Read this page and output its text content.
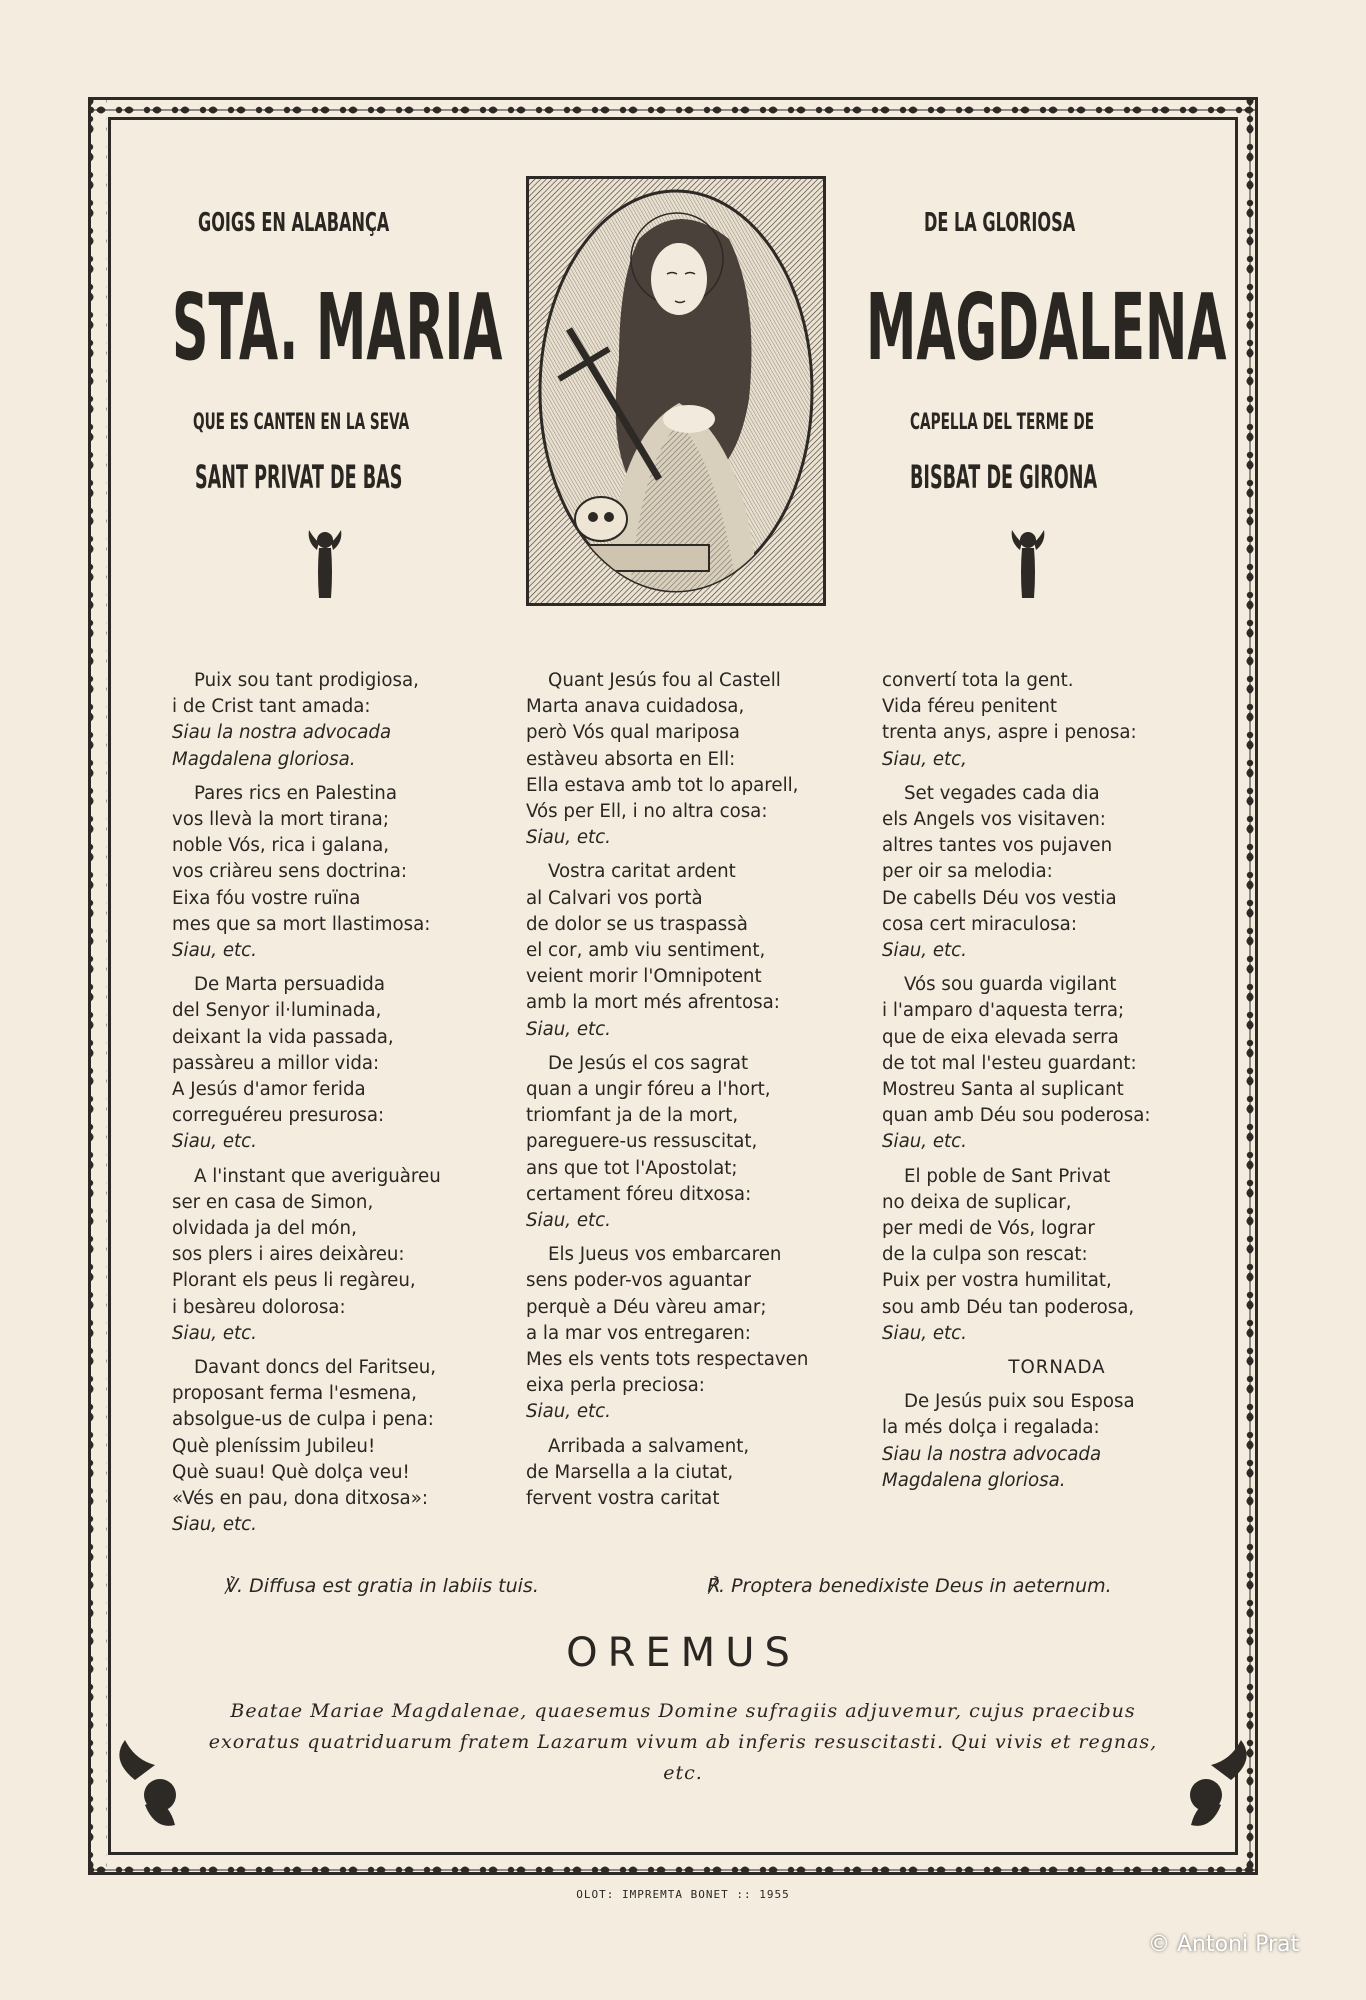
GOIGS EN ALABANÇA
STA. MARIA
QUE ES CANTEN EN LA SEVA
SANT PRIVAT DE BAS
DE LA GLORIOSA
MAGDALENA
CAPELLA DEL TERME DE
BISBAT DE GIRONA
Puix sou tant prodigiosa,
i de Crist tant amada:
Siau la nostra advocada
Magdalena gloriosa.
Pares rics en Palestina
vos llevà la mort tirana;
noble Vós, rica i galana,
vos criàreu sens doctrina:
Eixa fóu vostre ruïna
mes que sa mort llastimosa:
Siau, etc.
De Marta persuadida
del Senyor il·luminada,
deixant la vida passada,
passàreu a millor vida:
A Jesús d'amor ferida
correguéreu presurosa:
Siau, etc.
A l'instant que averiguàreu
ser en casa de Simon,
olvidada ja del món,
sos plers i aires deixàreu:
Plorant els peus li regàreu,
i besàreu dolorosa:
Siau, etc.
Davant doncs del Faritseu,
proposant ferma l'esmena,
absolgue-us de culpa i pena:
Què pleníssim Jubileu!
Què suau! Què dolça veu!
«Vés en pau, dona ditxosa»:
Siau, etc.
Quant Jesús fou al Castell
Marta anava cuidadosa,
però Vós qual mariposa
estàveu absorta en Ell:
Ella estava amb tot lo aparell,
Vós per Ell, i no altra cosa:
Siau, etc.
Vostra caritat ardent
al Calvari vos portà
de dolor se us traspassà
el cor, amb viu sentiment,
veient morir l'Omnipotent
amb la mort més afrentosa:
Siau, etc.
De Jesús el cos sagrat
quan a ungir fóreu a l'hort,
triomfant ja de la mort,
pareguere-us ressuscitat,
ans que tot l'Apostolat;
certament fóreu ditxosa:
Siau, etc.
Els Jueus vos embarcaren
sens poder-vos aguantar
perquè a Déu vàreu amar;
a la mar vos entregaren:
Mes els vents tots respectaven
eixa perla preciosa:
Siau, etc.
Arribada a salvament,
de Marsella a la ciutat,
fervent vostra caritat
convertí tota la gent.
Vida féreu penitent
trenta anys, aspre i penosa:
Siau, etc,
Set vegades cada dia
els Angels vos visitaven:
altres tantes vos pujaven
per oir sa melodia:
De cabells Déu vos vestia
cosa cert miraculosa:
Siau, etc.
Vós sou guarda vigilant
i l'amparo d'aquesta terra;
que de eixa elevada serra
de tot mal l'esteu guardant:
Mostreu Santa al suplicant
quan amb Déu sou poderosa:
Siau, etc.
El poble de Sant Privat
no deixa de suplicar,
per medi de Vós, lograr
de la culpa son rescat:
Puix per vostra humilitat,
sou amb Déu tan poderosa,
Siau, etc.
TORNADA
De Jesús puix sou Esposa
la més dolça i regalada:
Siau la nostra advocada
Magdalena gloriosa.
℣. Diffusa est gratia in labiis tuis.	℟. Proptera benedixiste Deus in aeternum.
OREMUS
Beatae Mariae Magdalenae, quaesemus Domine sufragiis adjuvemur, cujus praecibus exoratus quatriduarum fratem Lazarum vivum ab inferis resuscitasti. Qui vivis et regnas, etc.
OLOT: IMPREMTA BONET :: 1955
© Antoni Prat
